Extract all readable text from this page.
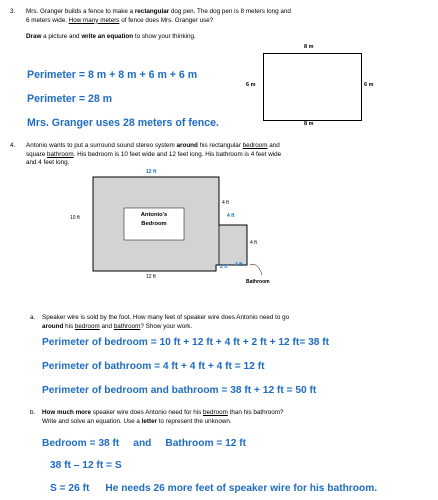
3. Mrs. Granger builds a fence to make a rectangular dog pen. The dog pen is 8 meters long and
6 meters wide. How many meters of fence does Mrs. Granger use?
Draw a picture and write an equation to show your thinking.
Perimeter = 8 m + 8 m + 6 m + 6 m
Perimeter = 28 m
Mrs. Granger uses 28 meters of fence.
8 m
8 m
6 m	6 m
4. Antonio wants to put a surround sound stereo system around his rectangular bedroom and
square bathroom. His bedroom is 10 feet wide and 12 feet long. His bathroom is 4 feet wide
and 4 feet long.
12 ft
10 ft
12 ft
4 ft
4 ft
4 ft
2 ft 4 ft
Antonio's
Bedroom
Bathroom
a. Speaker wire is sold by the foot. How many feet of speaker wire does Antonio need to go
around his bedroom and bathroom? Show your work.
Perimeter of bedroom = 10 ft + 12 ft + 4 ft + 2 ft + 12 ft= 38 ft
Perimeter of bathroom = 4 ft + 4 ft + 4 ft = 12 ft
Perimeter of bedroom and bathroom = 38 ft + 12 ft = 50 ft
b. How much more speaker wire does Antonio need for his bedroom than his bathroom?
Write and solve an equation. Use a letter to represent the unknown.
Bedroom = 38 ft and Bathroom = 12 ft
38 ft – 12 ft = S
S = 26 ft He needs 26 more feet of speaker wire for his bathroom.
